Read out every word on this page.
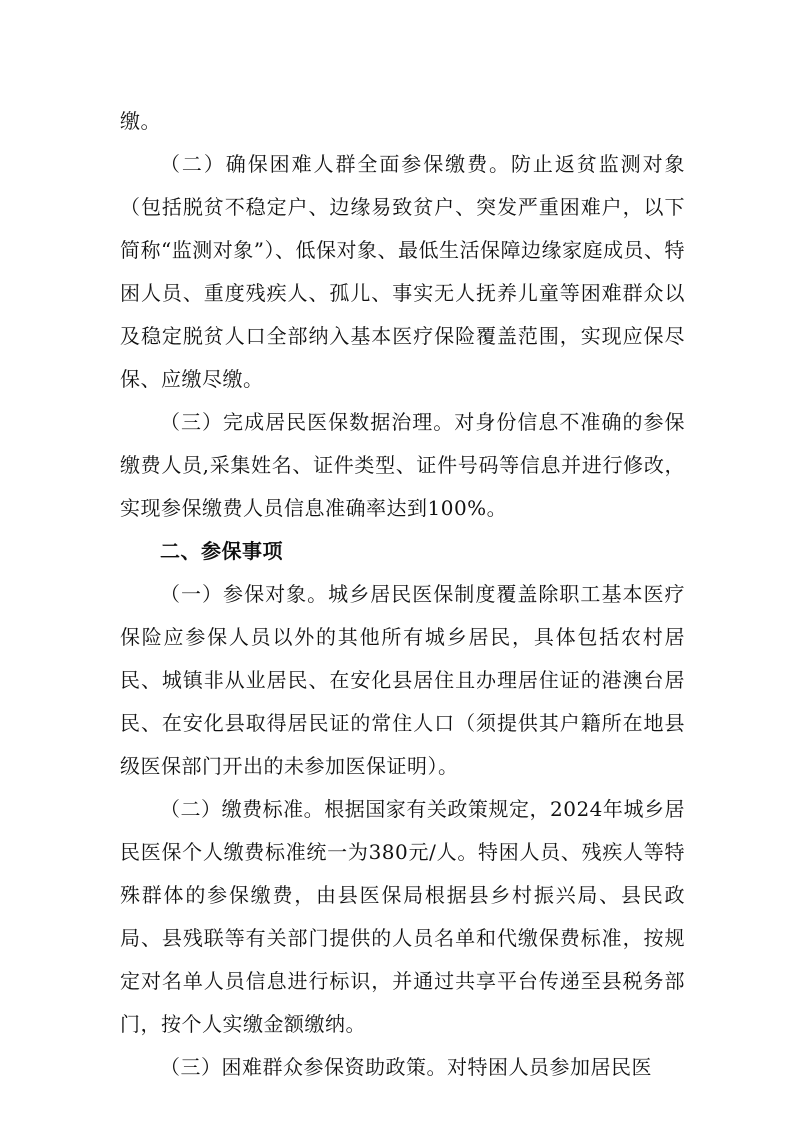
缴。

（二）确保困难人群全面参保缴费。防止返贫监测对象（包括脱贫不稳定户、边缘易致贫户、突发严重困难户，以下简称“监测对象”）、低保对象、最低生活保障边缘家庭成员、特困人员、重度残疾人、孤儿、事实无人抚养儿童等困难群众以及稳定脱贫人口全部纳入基本医疗保险覆盖范围，实现应保尽保、应缴尽缴。

（三）完成居民医保数据治理。对身份信息不准确的参保缴费人员,采集姓名、证件类型、证件号码等信息并进行修改，实现参保缴费人员信息准确率达到100%。

二、参保事项

（一）参保对象。城乡居民医保制度覆盖除职工基本医疗保险应参保人员以外的其他所有城乡居民，具体包括农村居民、城镇非从业居民、在安化县居住且办理居住证的港澳台居民、在安化县取得居民证的常住人口（须提供其户籍所在地县级医保部门开出的未参加医保证明）。

（二）缴费标准。根据国家有关政策规定，2024年城乡居民医保个人缴费标准统一为380元/人。特困人员、残疾人等特殊群体的参保缴费，由县医保局根据县乡村振兴局、县民政局、县残联等有关部门提供的人员名单和代缴保费标准，按规定对名单人员信息进行标识，并通过共享平台传递至县税务部门，按个人实缴金额缴纳。

（三）困难群众参保资助政策。对特困人员参加居民医
